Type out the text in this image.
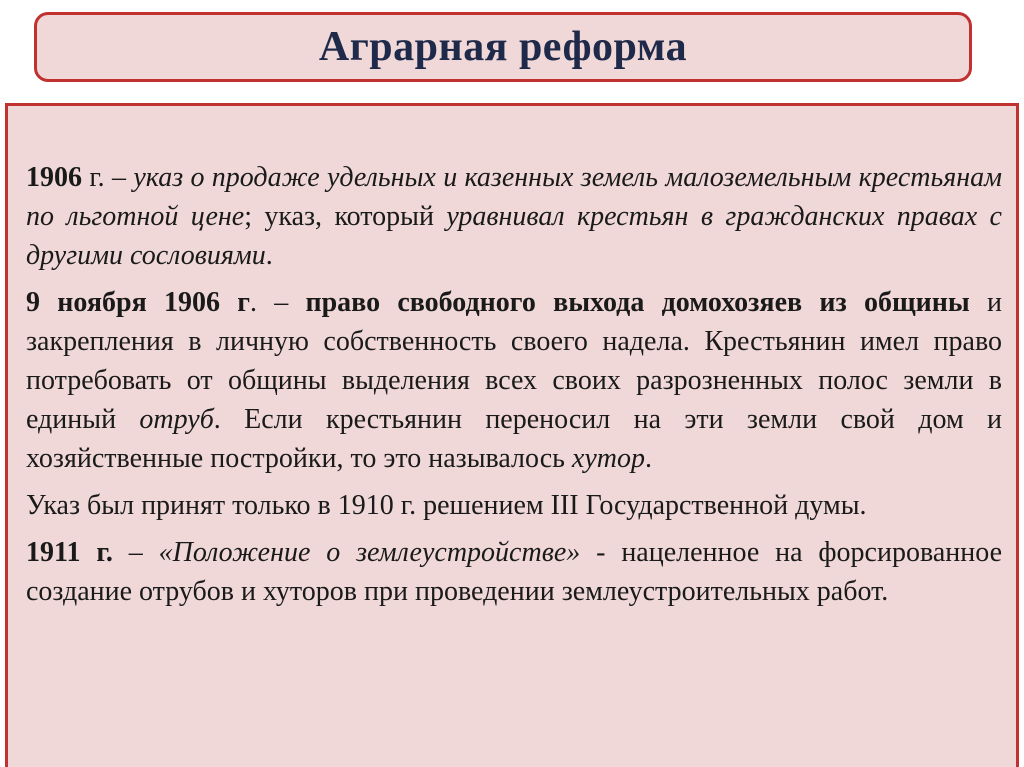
Аграрная реформа

1906 г. – указ о продаже удельных и казенных земель малоземельным крестьянам по льготной цене; указ, который уравнивал крестьян в гражданских правах с другими сословиями.

9 ноября 1906 г. – право свободного выхода домохозяев из общины и закрепления в личную собственность своего надела. Крестьянин имел право потребовать от общины выделения всех своих разрозненных полос земли в единый отруб. Если крестьянин переносил на эти земли свой дом и хозяйственные постройки, то это называлось хутор.

Указ был принят только в 1910 г. решением III Государственной думы.

1911 г. – «Положение о землеустройстве» - нацеленное на форсированное создание отрубов и хуторов при проведении землеустроительных работ.
